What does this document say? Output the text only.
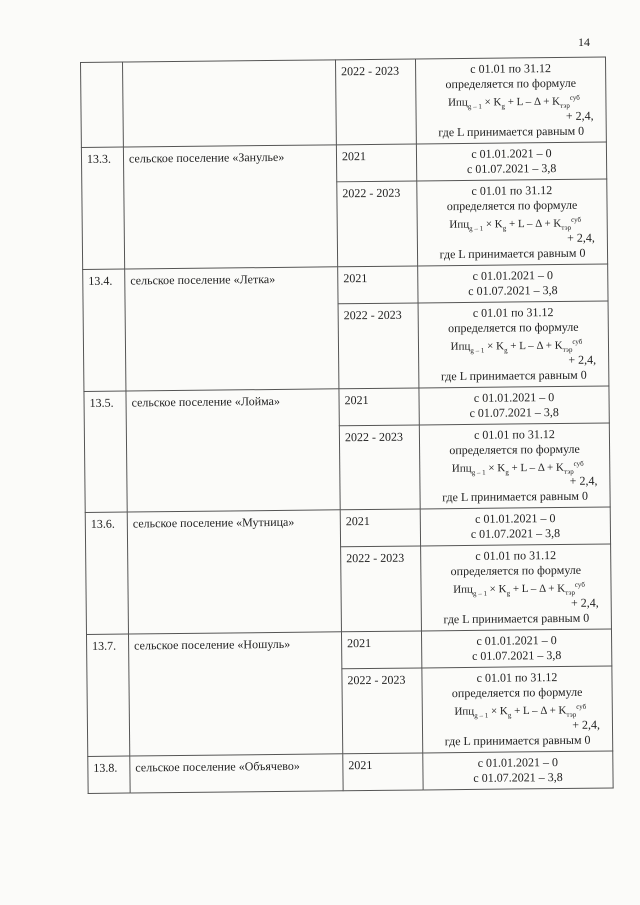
14
		2022 - 2023	с 01.01 по 31.12
определяется по формуле
$Ипц_{g - 1} \times K_g + L - \Delta + K_{тэр}^{суб}$
+ 2,4,
где L принимается равным 0

13.3.	сельское поселение «Занулье»	2021	с 01.01.2021 – 0
с 01.07.2021 – 3,8

		2022 - 2023	с 01.01 по 31.12
определяется по формуле
$Ипц_{g - 1} \times K_g + L - \Delta + K_{тэр}^{суб}$
+ 2,4,
где L принимается равным 0

13.4.	сельское поселение «Летка»	2021	с 01.01.2021 – 0
с 01.07.2021 – 3,8

		2022 - 2023	с 01.01 по 31.12
определяется по формуле
$Ипц_{g - 1} \times K_g + L - \Delta + K_{тэр}^{суб}$
+ 2,4,
где L принимается равным 0

13.5.	сельское поселение «Лойма»	2021	с 01.01.2021 – 0
с 01.07.2021 – 3,8

		2022 - 2023	с 01.01 по 31.12
определяется по формуле
$Ипц_{g - 1} \times K_g + L - \Delta + K_{тэр}^{суб}$
+ 2,4,
где L принимается равным 0

13.6.	сельское поселение «Мутница»	2021	с 01.01.2021 – 0
с 01.07.2021 – 3,8

		2022 - 2023	с 01.01 по 31.12
определяется по формуле
$Ипц_{g - 1} \times K_g + L - \Delta + K_{тэр}^{суб}$
+ 2,4,
где L принимается равным 0

13.7.	сельское поселение «Ношуль»	2021	с 01.01.2021 – 0
с 01.07.2021 – 3,8

		2022 - 2023	с 01.01 по 31.12
определяется по формуле
$Ипц_{g - 1} \times K_g + L - \Delta + K_{тэр}^{суб}$
+ 2,4,
где L принимается равным 0

13.8.	сельское поселение «Объячево»	2021	с 01.01.2021 – 0
с 01.07.2021 – 3,8
